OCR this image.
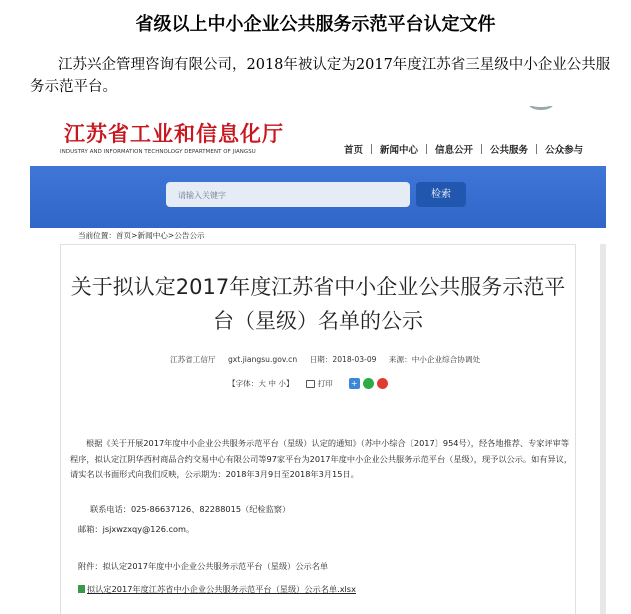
省级以上中小企业公共服务示范平台认定文件
江苏兴企管理咨询有限公司，2018年被认定为2017年度江苏省三星级中小企业公共服务示范平台。
江苏省工业和信息化厅
INDUSTRY AND INFORMATION TECHNOLOGY DEPARTMENT OF JIANGSU	首页	新闻中心	信息公开	公共服务	公众参与
请输入关键字	检索
当前位置：首页>新闻中心>公告公示
关于拟认定2017年度江苏省中小企业公共服务示范平
台（星级）名单的公示
江苏省工信厅 gxt.jiangsu.gov.cn 日期：2018-03-09 来源：中小企业综合协调处
【字体：大 中 小】	打印 +
根据《关于开展2017年度中小企业公共服务示范平台（星级）认定的通知》（苏中小综合〔2017〕954号），经各地推荐、专家评审等程序，拟认定江阴华西村商品合约交易中心有限公司等97家平台为2017年度中小企业公共服务示范平台（星级），现予以公示。如有异议，请实名以书面形式向我们反映，公示期为：2018年3月9日至2018年3月15日。
联系电话：025-86637126、82288015（纪检监察）
邮箱：jsjxwzxqy@126.com。
附件：拟认定2017年度中小企业公共服务示范平台（星级）公示名单
拟认定2017年度江苏省中小企业公共服务示范平台（星级）公示名单.xlsx
